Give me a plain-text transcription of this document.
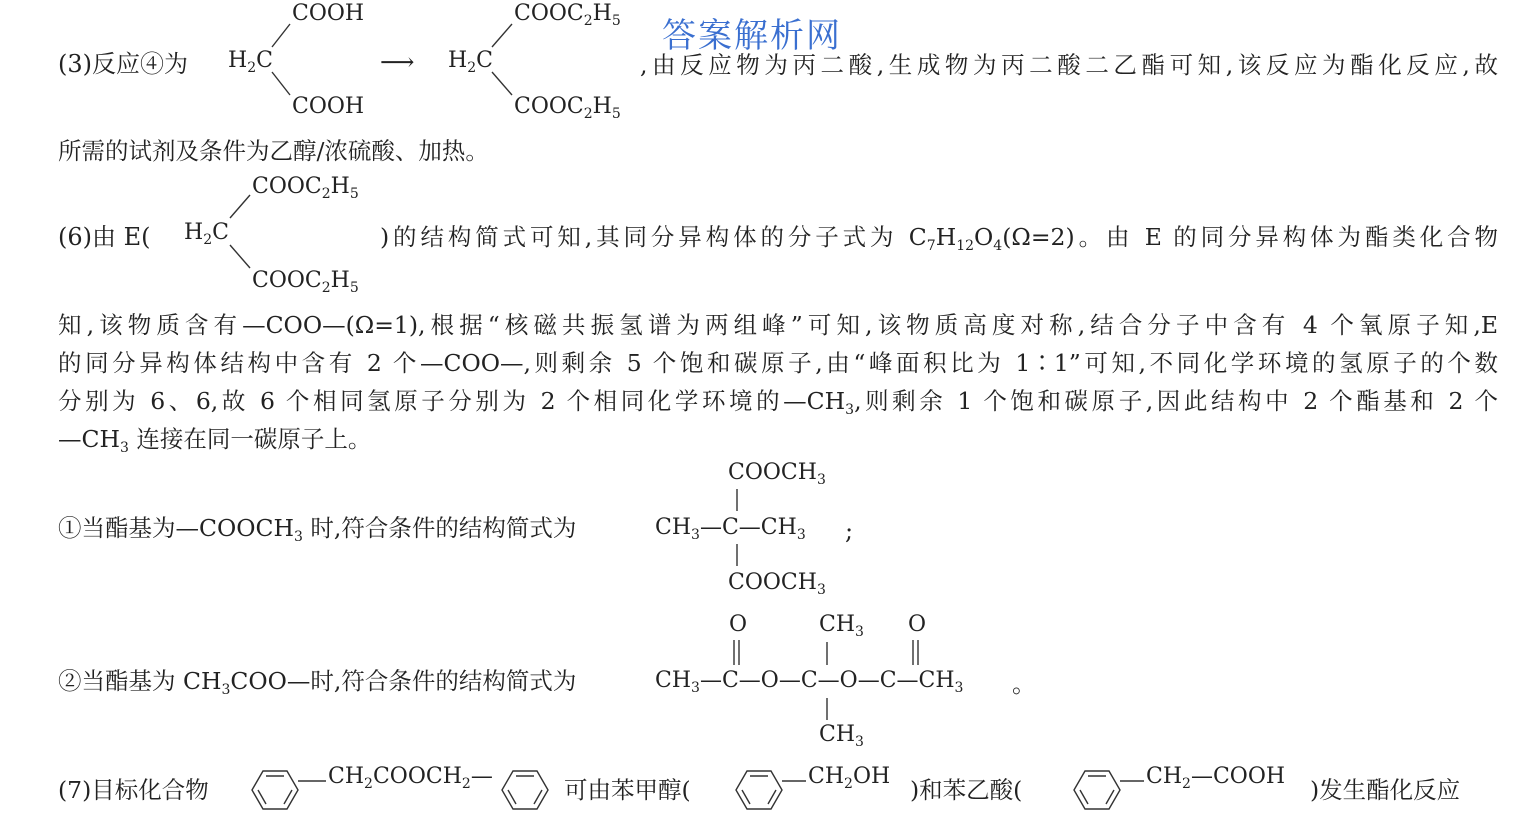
答案解析网
(3)反应④为 $H_2C$
COOH
COOH
⟶ $H_2C$
$COOC_2H_5$
$COOC_2H_5$
,由反应物为丙二酸,生成物为丙二酸二乙酯可知,该反应为酯化反应,故
所需的试剂及条件为乙醇/浓硫酸、加热。
(6)由 E( $H_2C$
$COOC_2H_5$
$COOC_2H_5$
)的结构简式可知,其同分异构体的分子式为 $C_7H_{12}O_4(\Omega=2)$。由 E 的同分异构体为酯类化合物
知,该物质含有—COO—(Ω=1),根据“核磁共振氢谱为两组峰”可知,该物质高度对称,结合分子中含有 4 个氧原子知,E
的同分异构体结构中含有 2 个—COO—,则剩余 5 个饱和碳原子,由“峰面积比为 1∶1”可知,不同化学环境的氢原子的个数
分别为 6、6,故 6 个相同氢原子分别为 2 个相同化学环境的$—CH_3$,则剩余 1 个饱和碳原子,因此结构中 2 个酯基和 2 个
$—CH_3$ 连接在同一碳原子上。
①当酯基为$—COOCH_3$ 时,符合条件的结构简式为
$COOCH_3$
$CH_3—C—CH_3$
$COOCH_3$
;
②当酯基为 $CH_3COO—$时,符合条件的结构简式为
O	$CH_3$ O
$CH_3—C—O—C—O—C—CH_3$
$CH_3$
。
(7)目标化合物	$CH_2COOCH_2—$	可由苯甲醇(	$CH_2OH$ )和苯乙酸(	$CH_2—COOH$ )发生酯化反应
